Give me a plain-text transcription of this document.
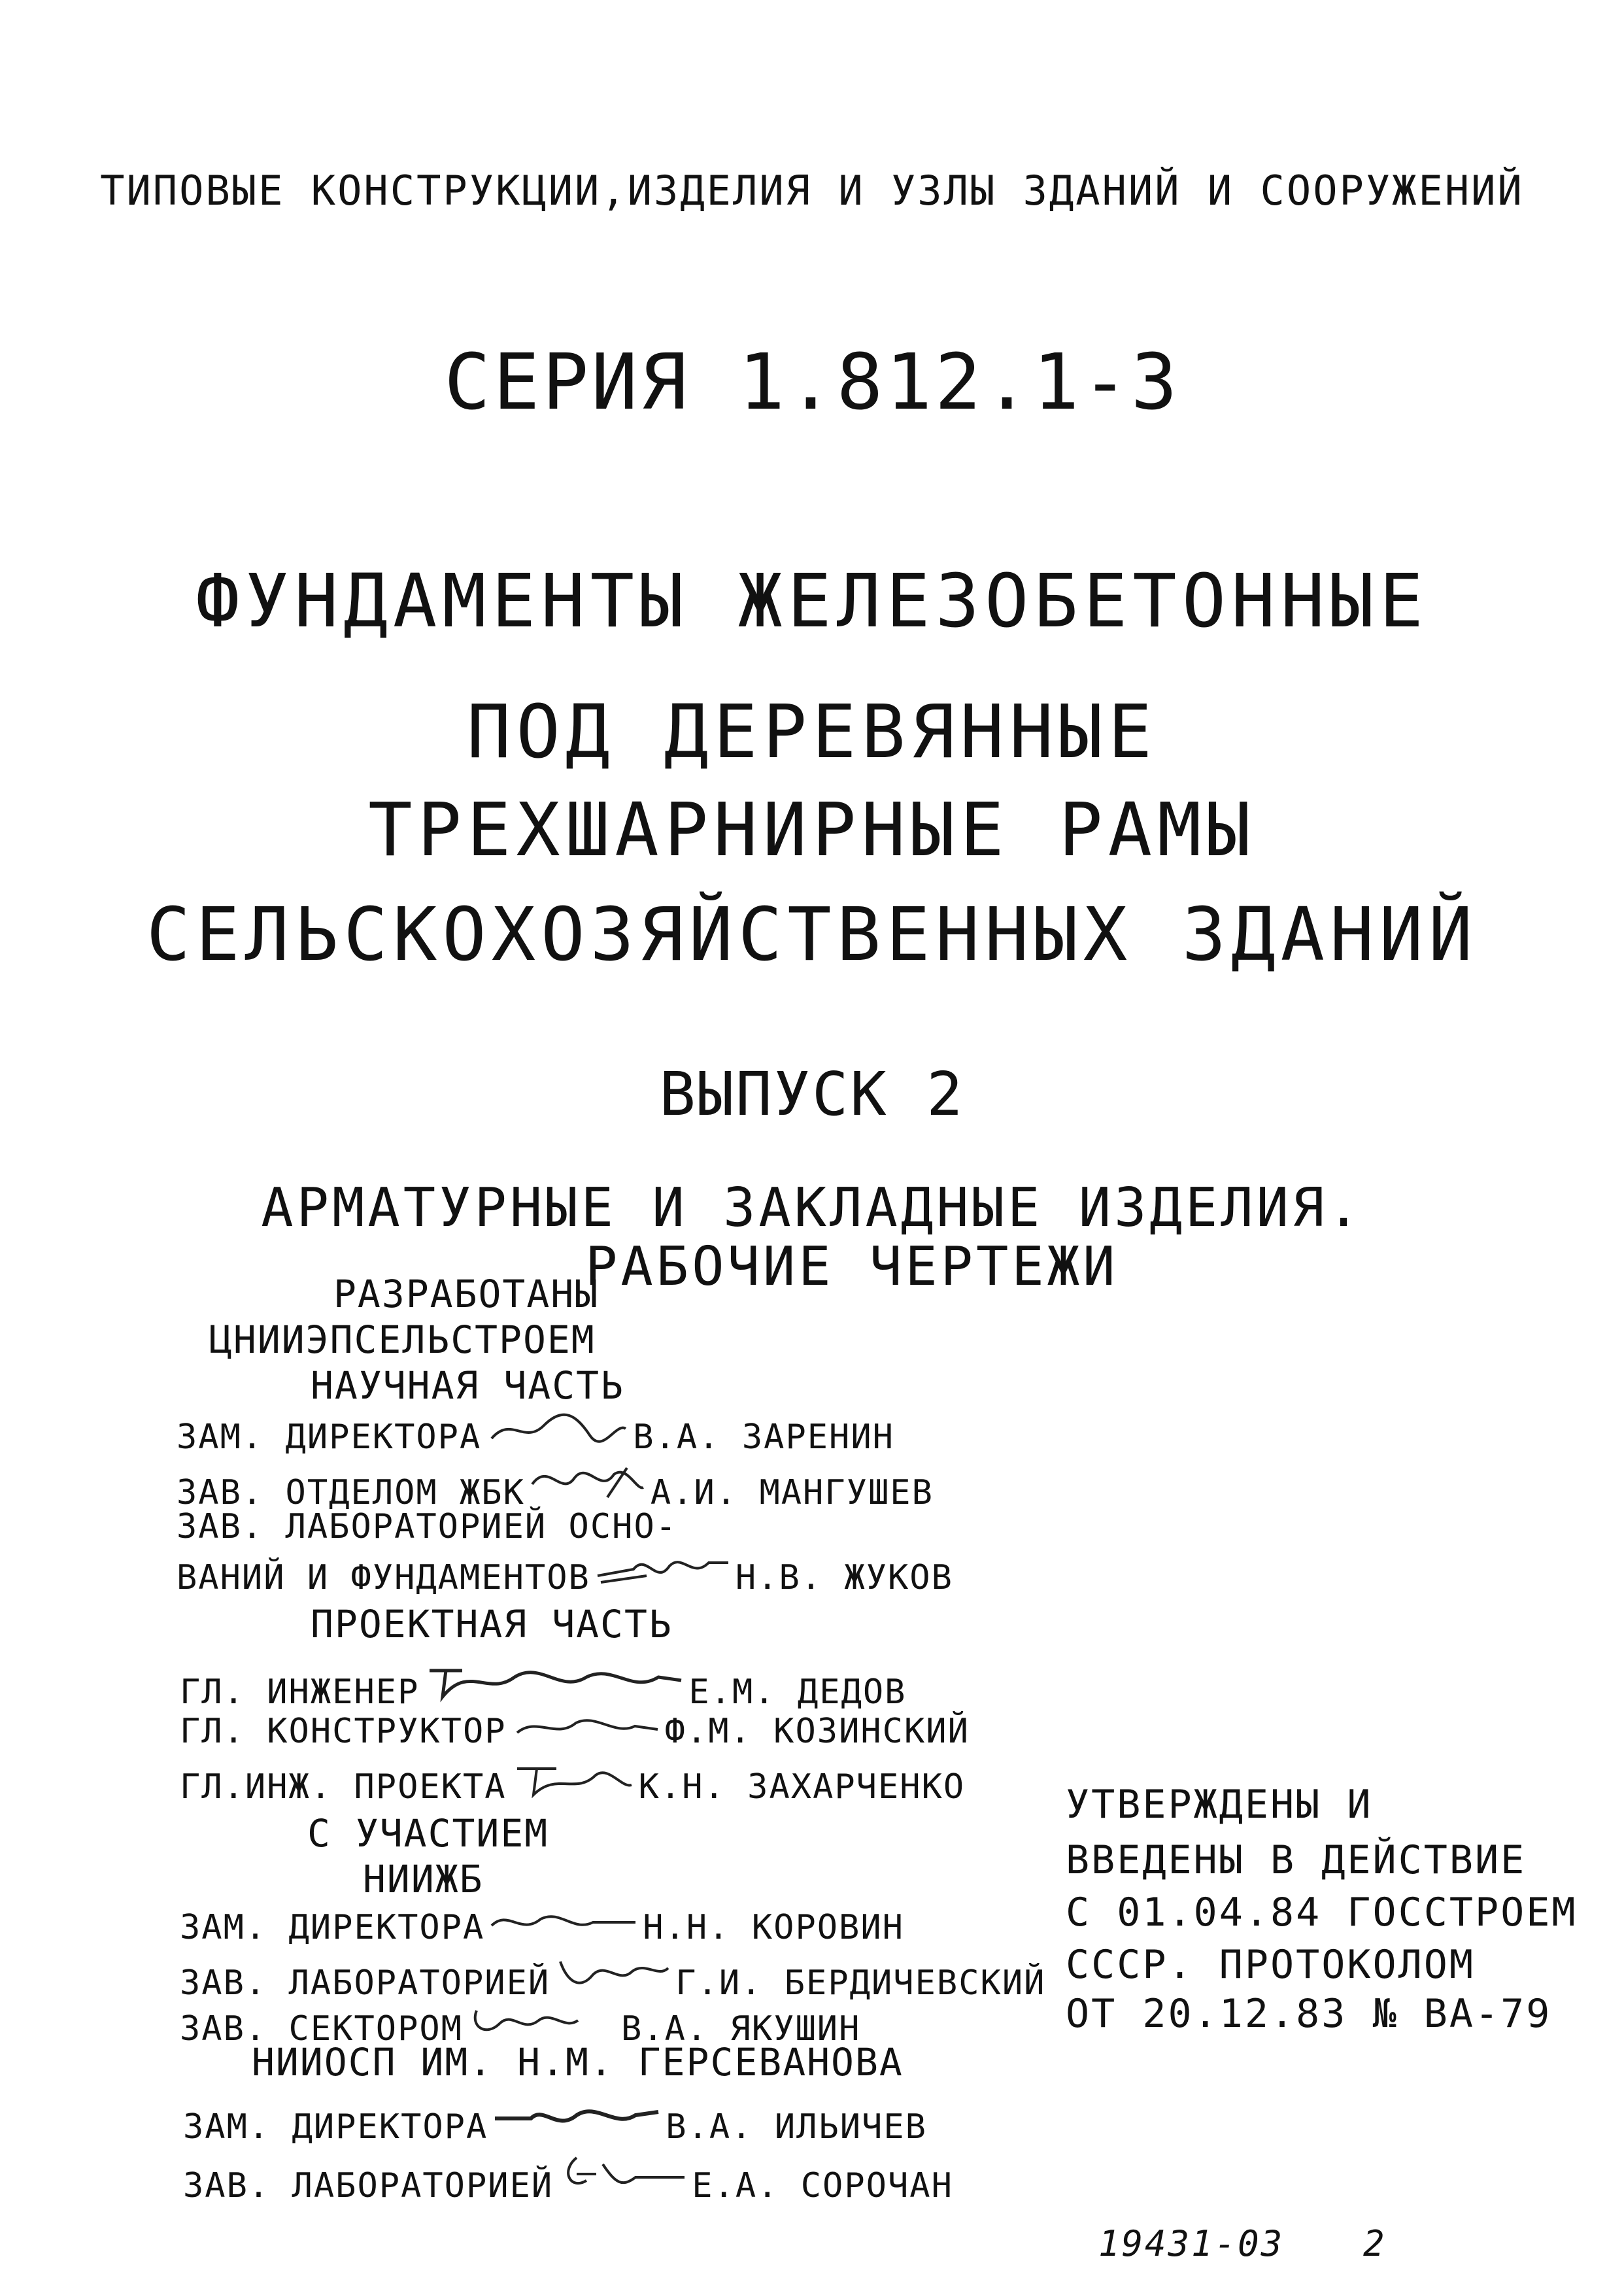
ТИПОВЫЕ КОНСТРУКЦИИ,ИЗДЕЛИЯ И УЗЛЫ ЗДАНИЙ И СООРУЖЕНИЙ
СЕРИЯ 1.812.1-3
ФУНДАМЕНТЫ ЖЕЛЕЗОБЕТОННЫЕ
ПОД ДЕРЕВЯННЫЕ
ТРЕХШАРНИРНЫЕ РАМЫ
СЕЛЬСКОХОЗЯЙСТВЕННЫХ ЗДАНИЙ
ВЫПУСК 2
АРМАТУРНЫЕ И ЗАКЛАДНЫЕ ИЗДЕЛИЯ.
РАБОЧИЕ ЧЕРТЕЖИ
РАЗРАБОТАНЫ
ЦНИИЭПСЕЛЬСТРОЕМ
НАУЧНАЯ ЧАСТЬ
ЗАМ. ДИРЕКТОРА	В.А. ЗАРЕНИН
ЗАВ. ОТДЕЛОМ ЖБК	А.И. МАНГУШЕВ
ЗАВ. ЛАБОРАТОРИЕЙ ОСНО-
ВАНИЙ И ФУНДАМЕНТОВ	Н.В. ЖУКОВ
ПРОЕКТНАЯ ЧАСТЬ
ГЛ. ИНЖЕНЕР	Е.М. ДЕДОВ
ГЛ. КОНСТРУКТОР	Ф.М. КОЗИНСКИЙ
ГЛ.ИНЖ. ПРОЕКТА	К.Н. ЗАХАРЧЕНКО
С УЧАСТИЕМ
НИИЖБ
ЗАМ. ДИРЕКТОРА	Н.Н. КОРОВИН
ЗАВ. ЛАБОРАТОРИЕЙ	Г.И. БЕРДИЧЕВСКИЙ
ЗАВ. СЕКТОРОМ	В.А. ЯКУШИН
НИИОСП ИМ. Н.М. ГЕРСЕВАНОВА
ЗАМ. ДИРЕКТОРА	В.А. ИЛЬИЧЕВ
ЗАВ. ЛАБОРАТОРИЕЙ	Е.А. СОРОЧАН
УТВЕРЖДЕНЫ И
ВВЕДЕНЫ В ДЕЙСТВИЕ
С 01.04.84 ГОССТРОЕМ
СССР. ПРОТОКОЛОМ
ОТ 20.12.83 № ВА-79
19431-03 2
